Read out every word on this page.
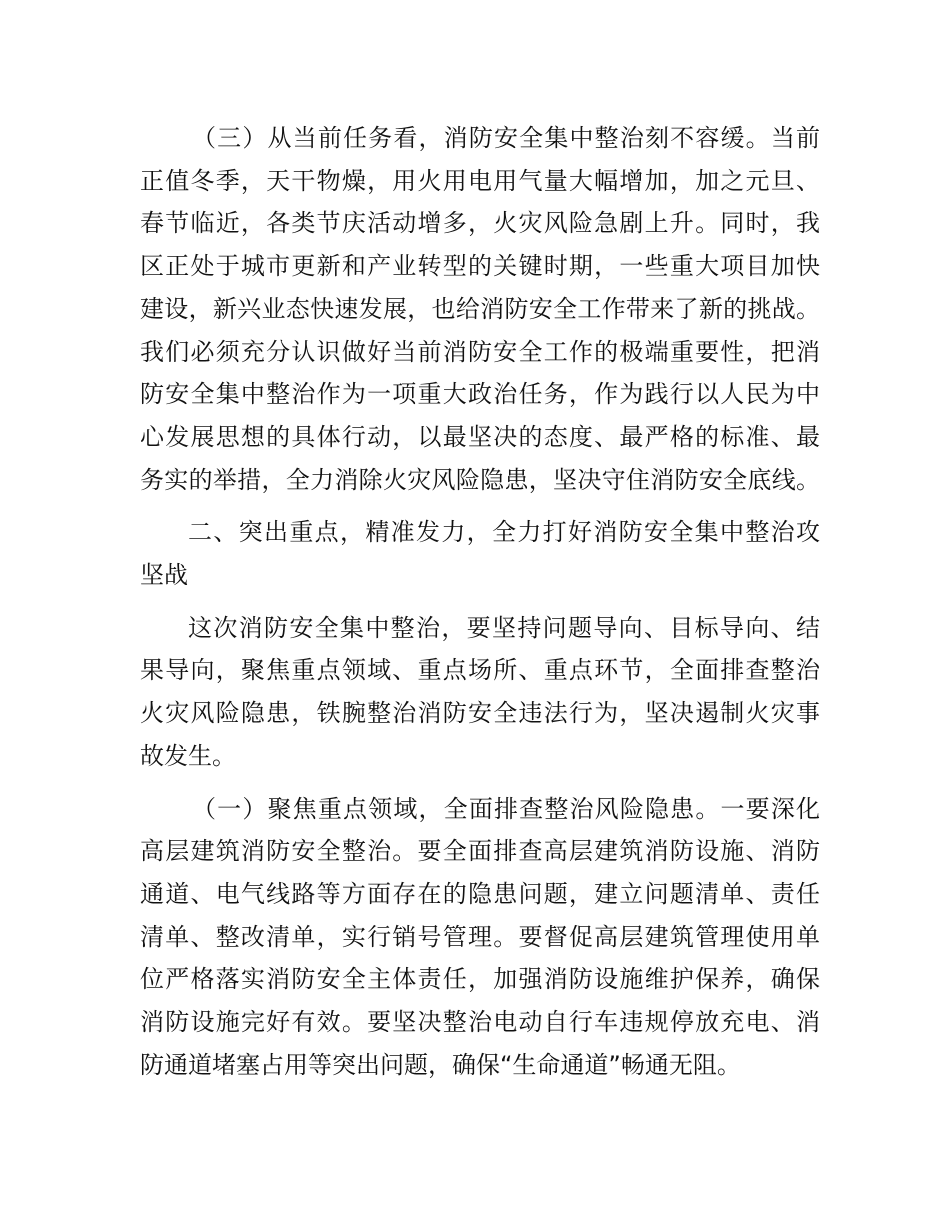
（三）从当前任务看，消防安全集中整治刻不容缓。当前
正值冬季，天干物燥，用火用电用气量大幅增加，加之元旦、
春节临近，各类节庆活动增多，火灾风险急剧上升。同时，我
区正处于城市更新和产业转型的关键时期，一些重大项目加快
建设，新兴业态快速发展，也给消防安全工作带来了新的挑战。
我们必须充分认识做好当前消防安全工作的极端重要性，把消
防安全集中整治作为一项重大政治任务，作为践行以人民为中
心发展思想的具体行动，以最坚决的态度、最严格的标准、最
务实的举措，全力消除火灾风险隐患，坚决守住消防安全底线。
二、突出重点，精准发力，全力打好消防安全集中整治攻
坚战
这次消防安全集中整治，要坚持问题导向、目标导向、结
果导向，聚焦重点领域、重点场所、重点环节，全面排查整治
火灾风险隐患，铁腕整治消防安全违法行为，坚决遏制火灾事
故发生。
（一）聚焦重点领域，全面排查整治风险隐患。一要深化
高层建筑消防安全整治。要全面排查高层建筑消防设施、消防
通道、电气线路等方面存在的隐患问题，建立问题清单、责任
清单、整改清单，实行销号管理。要督促高层建筑管理使用单
位严格落实消防安全主体责任，加强消防设施维护保养，确保
消防设施完好有效。要坚决整治电动自行车违规停放充电、消
防通道堵塞占用等突出问题，确保“生命通道”畅通无阻。
